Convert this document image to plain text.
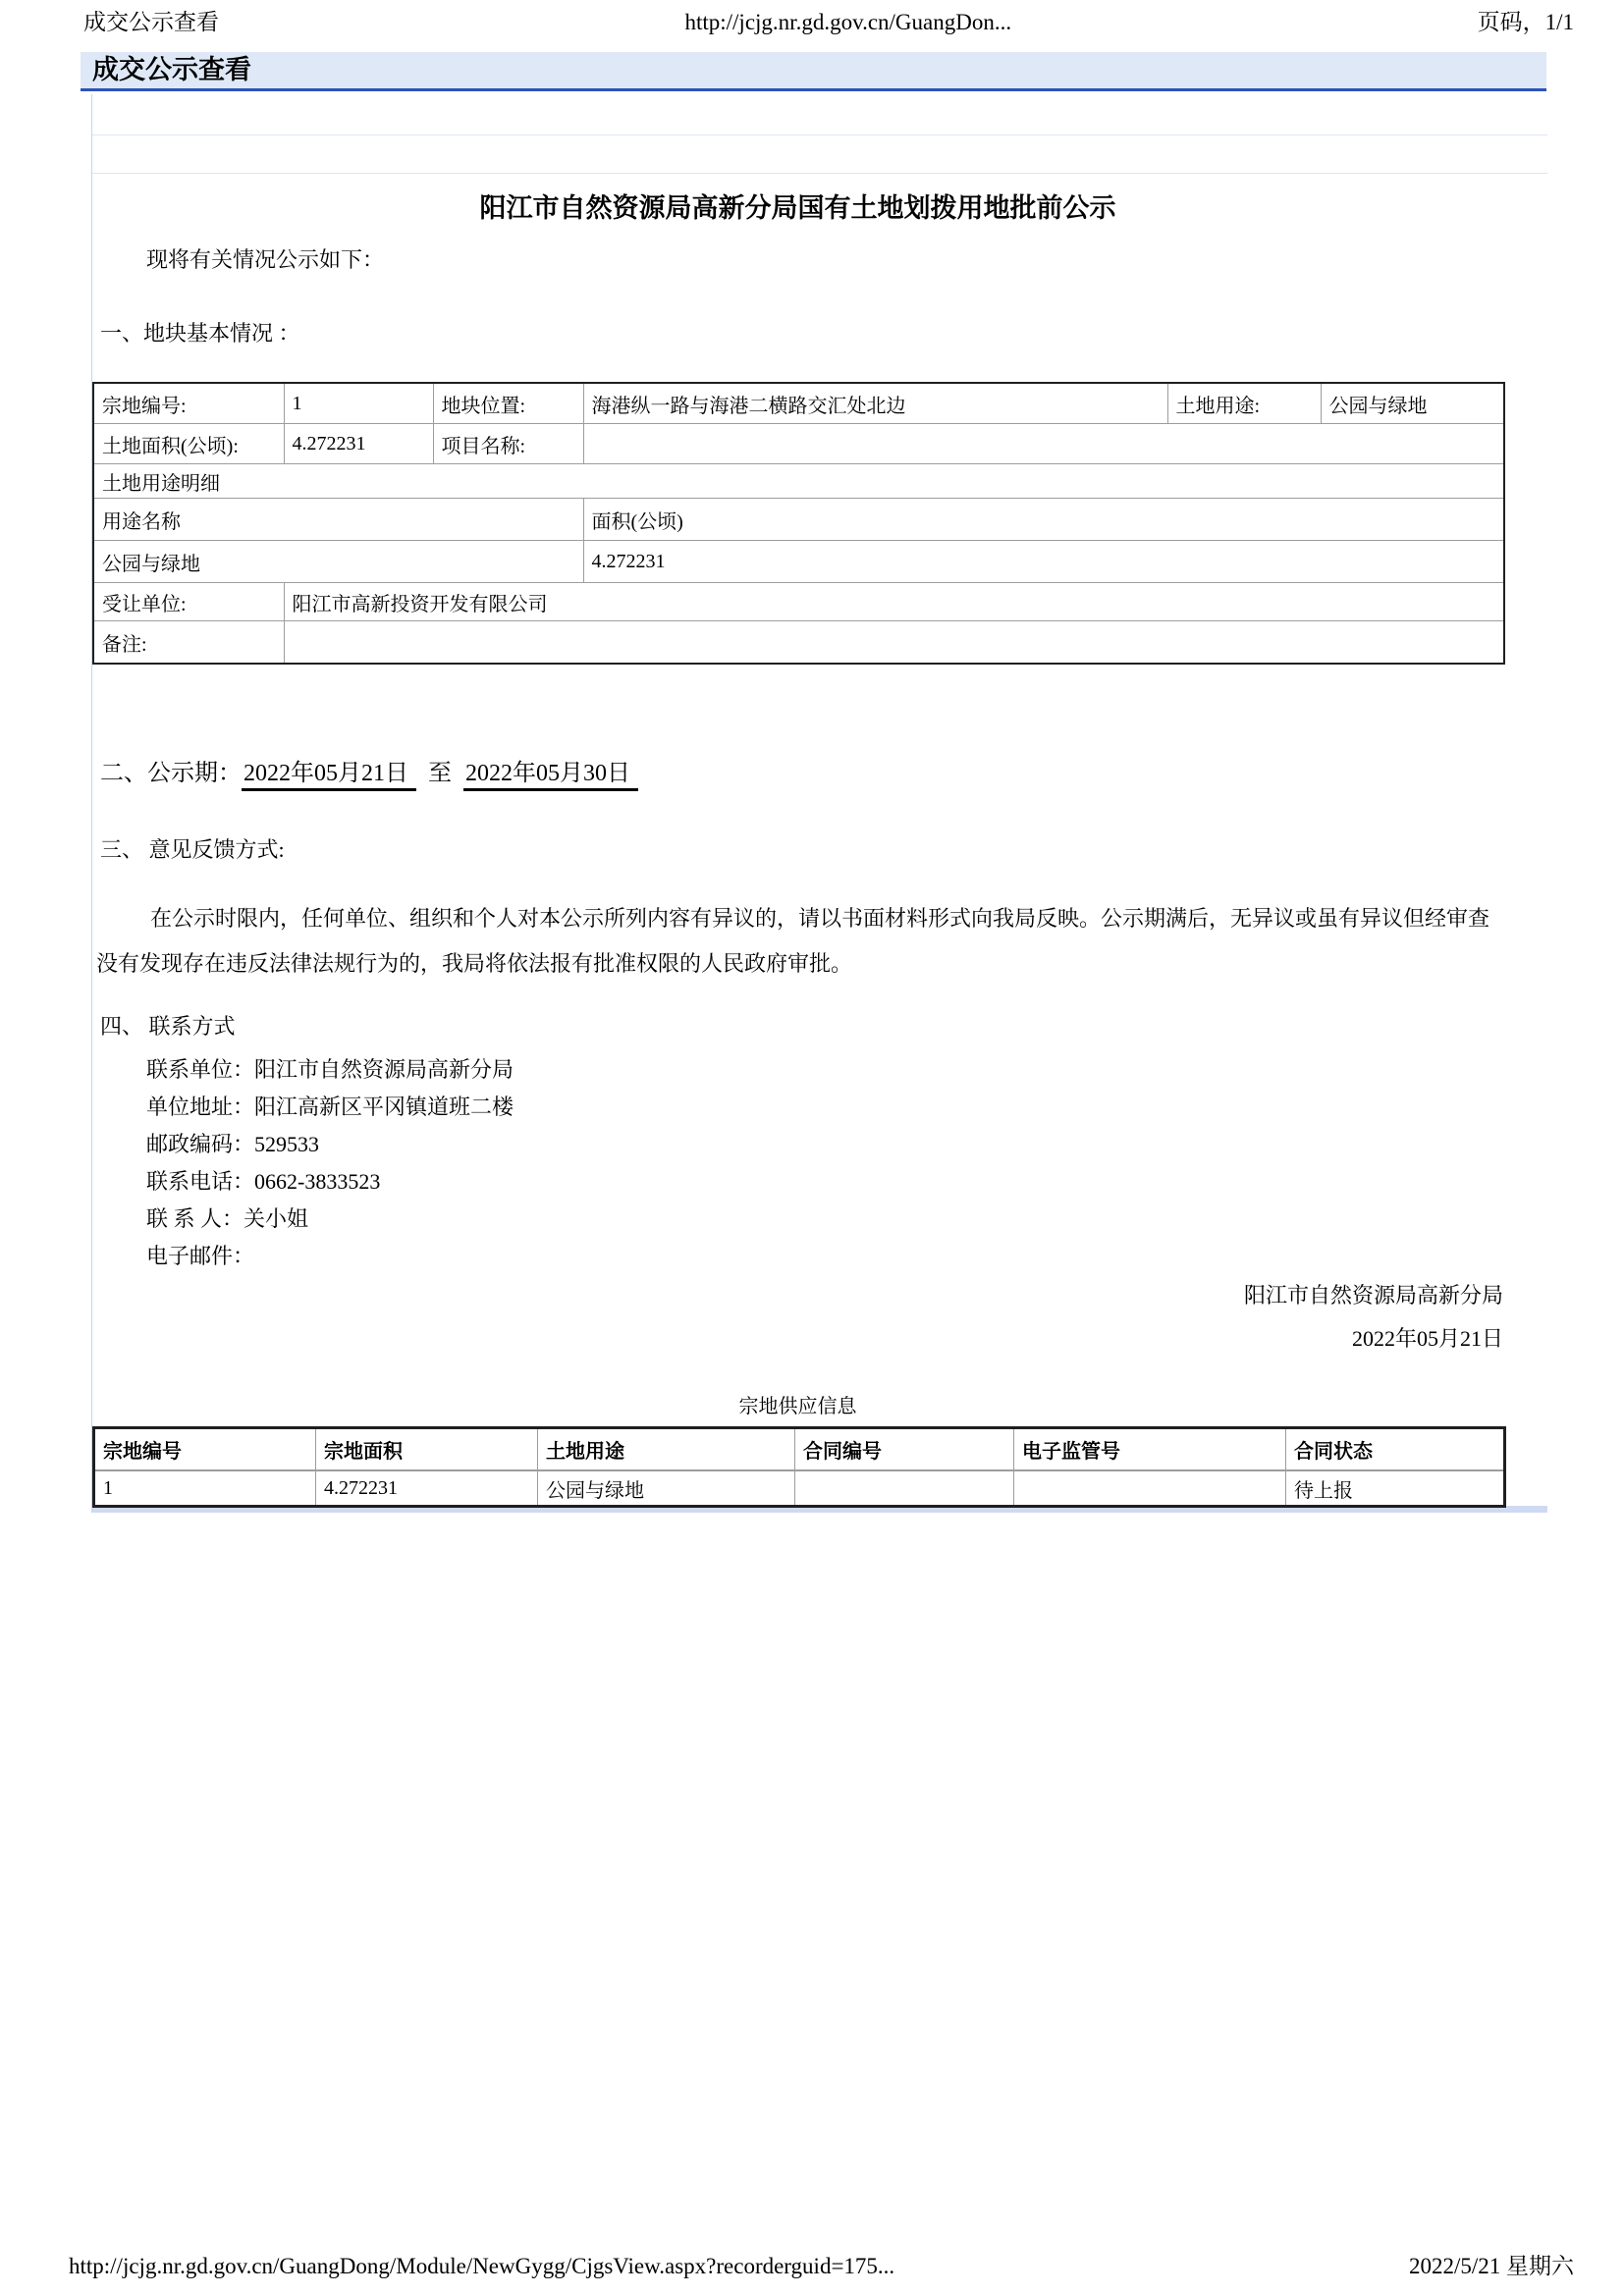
成交公示查看	http://jcjg.nr.gd.gov.cn/GuangDon...	页码，1/1
成交公示查看
阳江市自然资源局高新分局国有土地划拨用地批前公示
现将有关情况公示如下：
一、地块基本情况 ：
宗地编号:	1	地块位置:	海港纵一路与海港二横路交汇处北边	土地用途:	公园与绿地
土地面积(公顷):	4.272231	项目名称:			
土地用途明细					
用途名称			面积(公顷)		
公园与绿地			4.272231		
受让单位:	阳江市高新投资开发有限公司				
备注:					
二、公示期：2022年05月21日 至 2022年05月30日
三、 意见反馈方式:
在公示时限内，任何单位、组织和个人对本公示所列内容有异议的，请以书面材料形式向我局反映。公示期满后，无异议或虽有异议但经审查没有发现存在违反法律法规行为的，我局将依法报有批准权限的人民政府审批。
四、 联系方式
联系单位：阳江市自然资源局高新分局
单位地址：阳江高新区平冈镇道班二楼
邮政编码：529533
联系电话：0662-3833523
联 系 人：关小姐
电子邮件：
阳江市自然资源局高新分局
2022年05月21日
宗地供应信息
宗地编号	宗地面积	土地用途	合同编号	电子监管号	合同状态
1	4.272231	公园与绿地			待上报
http://jcjg.nr.gd.gov.cn/GuangDong/Module/NewGygg/CjgsView.aspx?recorderguid=175...	2022/5/21 星期六
